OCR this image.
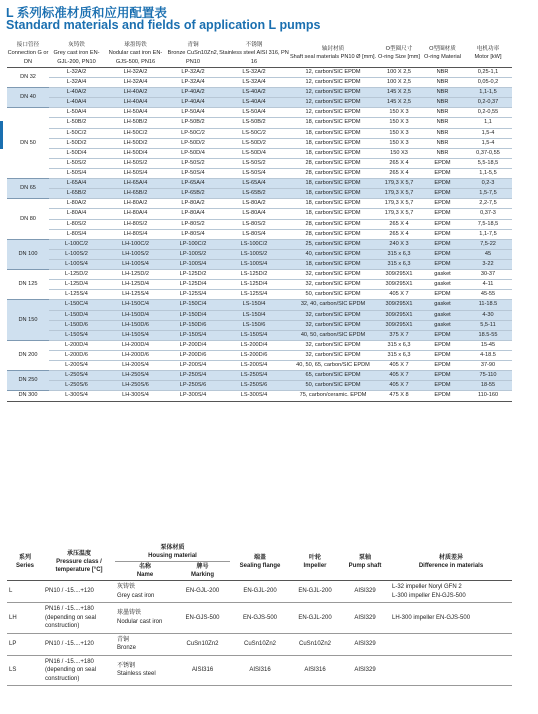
L 系列标准材质和应用配置表
Standard materials and fields of application L pumps
接口管径
Connection G or DN	灰铸铁
Grey cast iron EN-GJL-200, PN10	球墨铸铁
Nodular cast iron EN-GJS-500, PN16	青铜
Bronze CuSn10Zn2, PN10	不锈钢
Stainless steel AISI 316, PN 16	轴封材质
Shaft seal materials PN10 Ø [mm].	O型圈尺寸
O-ring Size [mm]	O型圈材质
O-ring Material	电机功率
Motor [kW]
DN 32	L-32A/2	LH-32A/2	LP-32A/2	LS-32A/2	12, carbon/SIC EPDM	100 X 2,5	NBR	0,25-1,1
	L-32A/4	LH-32A/4	LP-32A/4	LS-32A/4	12, carbon/SIC EPDM	100 X 2,5	NBR	0,05-0,2
DN 40	L-40A/2	LH-40A/2	LP-40A/2	LS-40A/2	12, carbon/SIC EPDM	145 X 2,5	NBR	1,1-1,5
	L-40A/4	LH-40A/4	LP-40A/4	LS-40A/4	12, carbon/SIC EPDM	145 X 2,5	NBR	0,2-0,37
DN 50	L-50A/4	LH-50A/4	LP-50A/4	LS-50A/4	12, carbon/SIC EPDM	150 X 3	NBR	0,2-0,55
	L-50B/2	LH-50B/2	LP-50B/2	LS-50B/2	18, carbon/SIC EPDM	150 X 3	NBR	1,1
	L-50C/2	LH-50C/2	LP-50C/2	LS-50C/2	18, carbon/SIC EPDM	150 X 3	NBR	1,5-4
	L-50D/2	LH-50D/2	LP-50D/2	LS-50D/2	18, carbon/SIC EPDM	150 X 3	NBR	1,5-4
	L-50D/4	LH-50D/4	LP-50D/4	LS-50D/4	18, carbon/SIC EPDM	150 X3	NBR	0,37-0,55
	L-50S/2	LH-50S/2	LP-50S/2	LS-50S/2	28, carbon/SIC EPDM	265 X 4	EPDM	5,5-18,5
	L-50S/4	LH-50S/4	LP-50S/4	LS-50S/4	28, carbon/SIC EPDM	265 X 4	EPDM	1,1-5,5
DN 65	L-65A/4	LH-65A/4	LP-65A/4	LS-65A/4	18, carbon/SIC EPDM	179,3 X 5,7	EPDM	0,2-3
	L-65B/2	LH-65B/2	LP-65B/2	LS-65B/2	18, carbon/SIC EPDM	179,3 X 5,7	EPDM	1,5-7,5
DN 80	L-80A/2	LH-80A/2	LP-80A/2	LS-80A/2	18, carbon/SIC EPDM	179,3 X 5,7	EPDM	2,2-7,5
	L-80A/4	LH-80A/4	LP-80A/4	LS-80A/4	18, carbon/SIC EPDM	179,3 X 5,7	EPDM	0,37-3
	L-80S/2	LH-80S/2	LP-80S/2	LS-80S/2	28, carbon/SIC EPDM	265 X 4	EPDM	7,5-18,5
	L-80S/4	LH-80S/4	LP-80S/4	LS-80S/4	28, carbon/SIC EPDM	265 X 4	EPDM	1,1-7,5
DN 100	L-100C/2	LH-100C/2	LP-100C/2	LS-100C/2	25, carbon/SIC EPDM	240 X 3	EPDM	7,5-22
	L-100S/2	LH-100S/2	LP-100S/2	LS-100S/2	40, carbon/SIC EPDM	315 x 6,3	EPDM	45
	L-100S/4	LH-100S/4	LP-100S/4	LS-100S/4	18, carbon/SIC EPDM	315 x 6,3	EPDM	3-22
DN 125	L-125D/2	LH-125D/2	LP-125D/2	LS-125D/2	32, carbon/SIC EPDM	309/295X1	gasket	30-37
	L-125D/4	LH-125D/4	LP-125D/4	LS-125D/4	32, carbon/SIC EPDM	309/295X1	gasket	4-11
	L-125S/4	LH-125S/4	LP-125S/4	LS-125S/4	50, carbon/SIC EPDM	405 X 7	EPDM	45-55
DN 150	L-150C/4	LH-150C/4	LP-150C/4	LS-150/4	32, 40, carbon/SIC EPDM	309/295X1	gasket	11-18.5
	L-150D/4	LH-150D/4	LP-150D/4	LS-150/4	32, carbon/SIC EPDM	309/295X1	gasket	4-30
	L-150D/6	LH-150D/6	LP-150D/6	LS-150/6	32, carbon/SIC EPDM	309/295X1	gasket	5,5-11
	L-150S/4	LH-150S/4	LP-150S/4	LS-150S/4	40, 50, carbon/SIC EPDM	375 X 7	EPDM	18.5-55
DN 200	L-200D/4	LH-200D/4	LP-200D/4	LS-200D/4	32, carbon/SIC EPDM	315 x 6,3	EPDM	15-45
	L-200D/6	LH-200D/6	LP-200D/6	LS-200D/6	32, carbon/SIC EPDM	315 x 6,3	EPDM	4-18.5
	L-200S/4	LH-200S/4	LP-200S/4	LS-200S/4	40, 50, 65, carbon/SIC EPDM	405 X 7	EPDM	37-90
DN 250	L-250S/4	LH-250S/4	LP-250S/4	LS-250S/4	65, carbon/SIC EPDM	405 X 7	EPDM	75-110
	L-250S/6	LH-250S/6	LP-250S/6	LS-250S/6	50, carbon/SIC EPDM	405 X 7	EPDM	18-55
DN 300	L-300S/4	LH-300S/4	LP-300S/4	LS-300S/4	75, carbon/ceramic. EPDM	475 X 8	EPDM	110-160
系列
Series	承压温度
Pressure class / temperature [°C]	泵体材质
Housing material		端盖
Sealing flange	叶轮
Impeller	泵轴
Pump shaft	材质差异
Difference in materials
		名称
Name	牌号
Marking				
L	PN10 / -15....+120	灰铸铁
Grey cast iron	EN-GJL-200	EN-GJL-200	EN-GJL-200	AISI329	L-32 impeller Noryl GFN 2
L-300 impeller EN-GJS-500
LH	PN16 / -15....+180
(depending on seal
construction)	球墨铸铁
Nodular cast iron	EN-GJS-500	EN-GJS-500	EN-GJL-200	AISI329	LH-300 impeller EN-GJS-500
LP	PN10 / -15....+120	青铜
Bronze	CuSn10Zn2	CuSn10Zn2	CuSn10Zn2	AISI329	
LS	PN16 / -15....+180
(depending on seal
construction)	不锈钢
Stainless steel	AISI316	AISI316	AISI316	AISI329	
